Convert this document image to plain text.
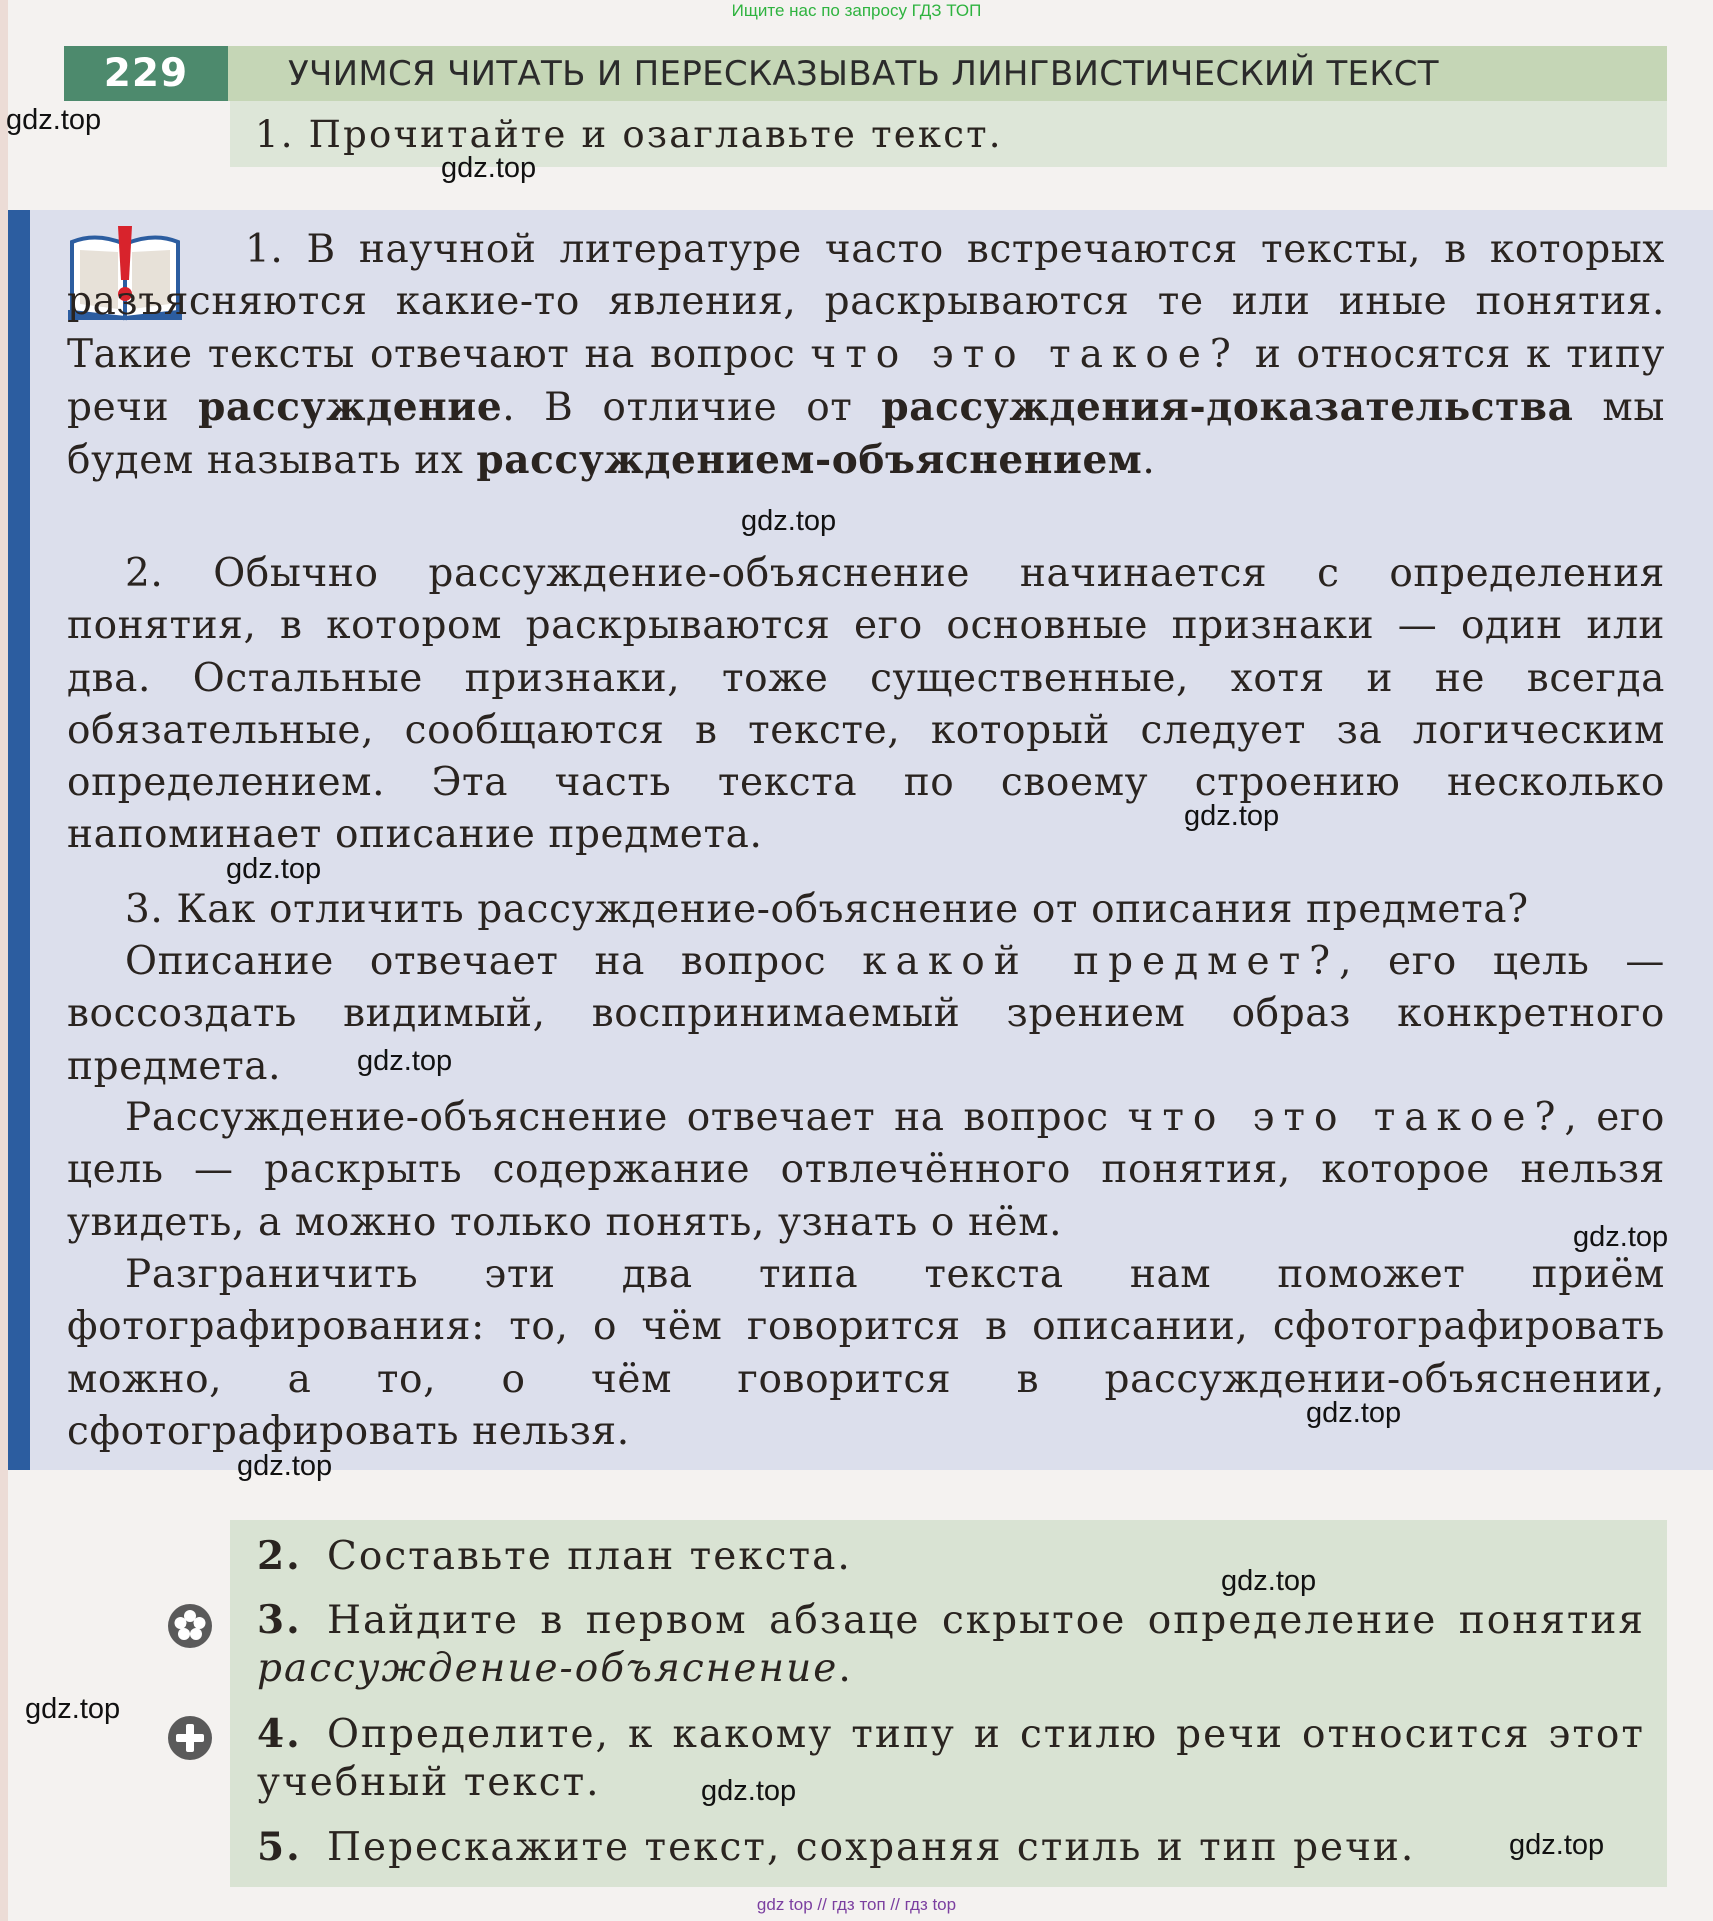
Ищите нас по запросу ГДЗ ТОП
229	УЧИМСЯ ЧИТАТЬ И ПЕРЕСКАЗЫВАТЬ ЛИНГВИСТИЧЕСКИЙ ТЕКСТ
1. Прочитайте и озаглавьте текст.

1. В научной литературе часто встречаются тексты, в которых разъясняются какие-то явления, раскрываются те или иные понятия. Такие тексты отвечают на вопрос что это такое? и относятся к типу речи рассуждение. В отличие от рассуждения-доказательства мы будем называть их рассуждением-объяснением.

2. Обычно рассуждение-объяснение начинается с определения понятия, в котором раскрываются его основные признаки — один или два. Остальные признаки, тоже существенные, хотя и не всегда обязательные, сообщаются в тексте, который следует за логическим определением. Эта часть текста по своему строению несколько напоминает описание предмета.

3. Как отличить рассуждение-объяснение от описания предмета?

Описание отвечает на вопрос какой предмет?, его цель — воссоздать видимый, воспринимаемый зрением образ конкретного предмета.

Рассуждение-объяснение отвечает на вопрос что это такое?, его цель — раскрыть содержание отвлечённого понятия, которое нельзя увидеть, а можно только понять, узнать о нём.

Разграничить эти два типа текста нам поможет приём фотографирования: то, о чём говорится в описании, сфотографировать можно, а то, о чём говорится в рассуждении-объяснении, сфотографировать нельзя.

2. Составьте план текста.

3. Найдите в первом абзаце скрытое определение понятия рассуждение-объяснение.

4. Определите, к какому типу и стилю речи относится этот учебный текст.

5. Перескажите текст, сохраняя стиль и тип речи.

gdz.top
gdz.top
gdz.top
gdz.top
gdz.top
gdz.top
gdz.top
gdz.top
gdz.top
gdz.top
gdz.top
gdz.top
gdz.top
gdz top // гдз топ // гдз top
